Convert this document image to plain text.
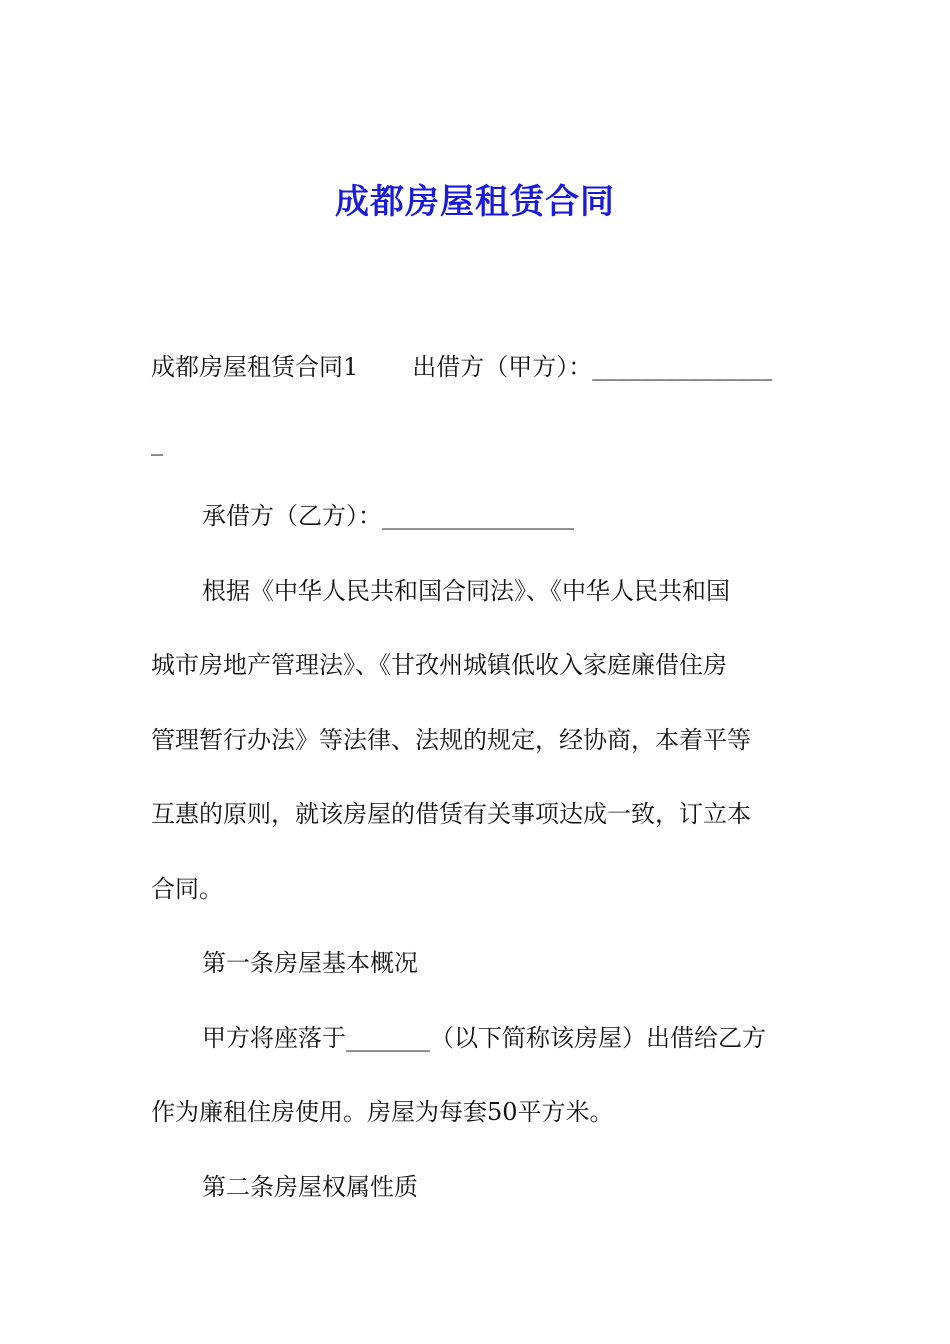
成都房屋租赁合同
成都房屋租赁合同1 出借方（甲方）：_______________
_
承借方（乙方）：________________
根据《中华人民共和国合同法》、《中华人民共和国
城市房地产管理法》、《甘孜州城镇低收入家庭廉借住房
管理暂行办法》等法律、法规的规定，经协商，本着平等
互惠的原则，就该房屋的借赁有关事项达成一致，订立本
合同。
第一条房屋基本概况
甲方将座落于_______（以下简称该房屋）出借给乙方
作为廉租住房使用。房屋为每套50平方米。
第二条房屋权属性质
